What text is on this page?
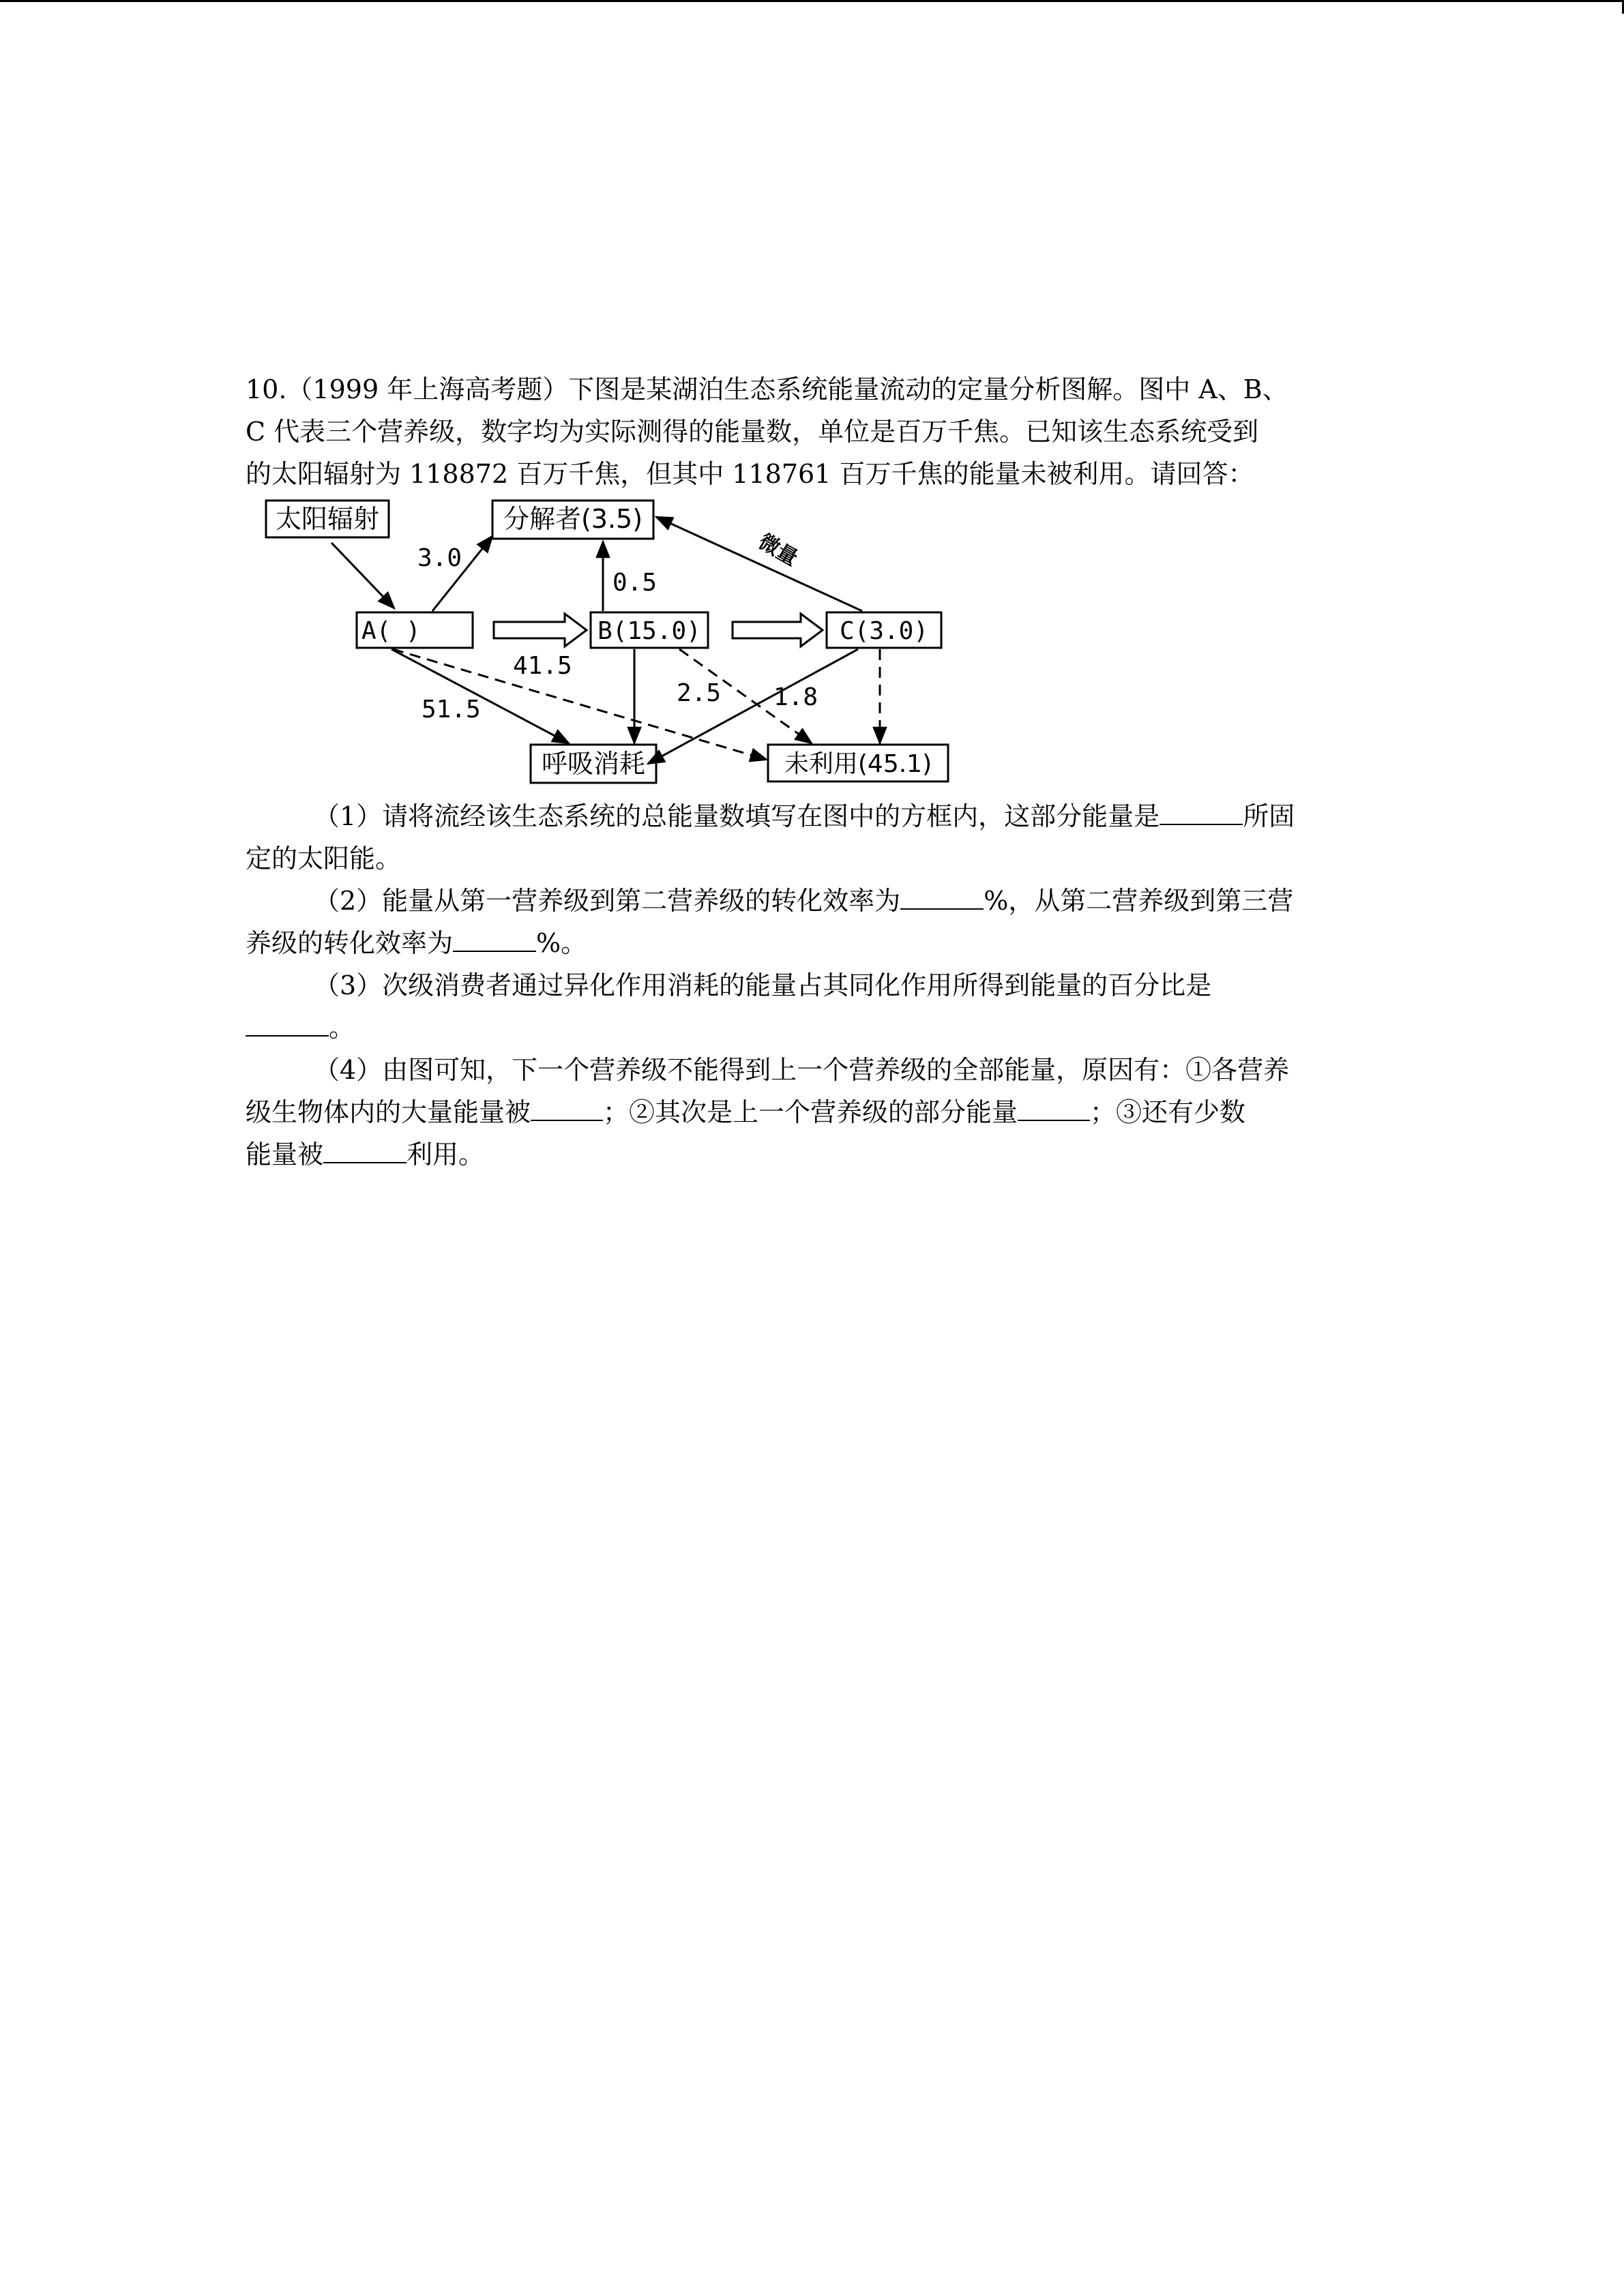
10.（1999 年上海高考题）下图是某湖泊生态系统能量流动的定量分析图解。图中 A、B、
C 代表三个营养级，数字均为实际测得的能量数，单位是百万千焦。已知该生态系统受到
的太阳辐射为 118872 百万千焦，但其中 118761 百万千焦的能量未被利用。请回答：
太阳辐射	分解者(3.5)
A( )	B(15.0)	C(3.0)
呼吸消耗	未利用(45.1)
3.0
0.5
微量
41.5
51.5
2.5 1.8
（1）请将流经该生态系统的总能量数填写在图中的方框内，这部分能量是	所固
定的太阳能。
（2）能量从第一营养级到第二营养级的转化效率为	%，从第二营养级到第三营
养级的转化效率为	%。
（3）次级消费者通过异化作用消耗的能量占其同化作用所得到能量的百分比是
。
（4）由图可知，下一个营养级不能得到上一个营养级的全部能量，原因有：①各营养
级生物体内的大量能量被	；②其次是上一个营养级的部分能量	；③还有少数
能量被	利用。
